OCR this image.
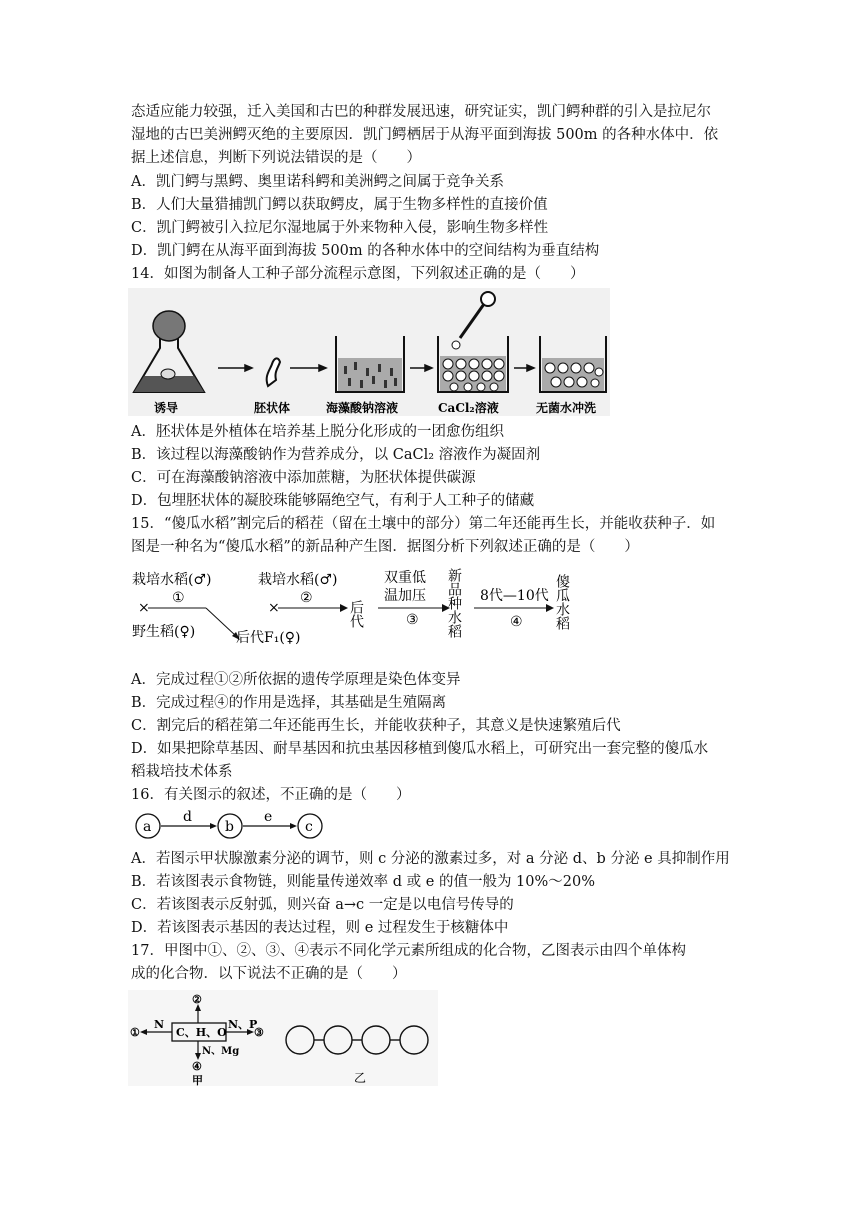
态适应能力较强，迁入美国和古巴的种群发展迅速，研究证实，凯门鳄种群的引入是拉尼尔
湿地的古巴美洲鳄灭绝的主要原因．凯门鳄栖居于从海平面到海拔 500m 的各种水体中．依
据上述信息，判断下列说法错误的是（　　）
A．凯门鳄与黑鳄、奥里诺科鳄和美洲鳄之间属于竞争关系
B．人们大量猎捕凯门鳄以获取鳄皮，属于生物多样性的直接价值
C．凯门鳄被引入拉尼尔湿地属于外来物种入侵，影响生物多样性
D．凯门鳄在从海平面到海拔 500m 的各种水体中的空间结构为垂直结构
14．如图为制备人工种子部分流程示意图，下列叙述正确的是（　　）
诱导	胚状体	海藻酸钠溶液	CaCl₂溶液	无菌水冲洗
A．胚状体是外植体在培养基上脱分化形成的一团愈伤组织
B．该过程以海藻酸钠作为营养成分，以 CaCl₂ 溶液作为凝固剂
C．可在海藻酸钠溶液中添加蔗糖，为胚状体提供碳源
D．包埋胚状体的凝胶珠能够隔绝空气，有利于人工种子的储藏
15．“傻瓜水稻”割完后的稻茬（留在土壤中的部分）第二年还能再生长，并能收获种子．如
图是一种名为“傻瓜水稻”的新品种产生图．据图分析下列叙述正确的是（　　）
栽培水稻(♂)
①
×
野生稻(♀)	后代F₁(♀)
栽培水稻(♂)
②
×	后代
双重低
温加压
③ 新品种水稻 8代—10代
④ 傻瓜水稻
A．完成过程①②所依据的遗传学原理是染色体变异
B．完成过程④的作用是选择，其基础是生殖隔离
C．割完后的稻茬第二年还能再生长，并能收获种子，其意义是快速繁殖后代
D．如果把除草基因、耐旱基因和抗虫基因移植到傻瓜水稻上，可研究出一套完整的傻瓜水
稻栽培技术体系
16．有关图示的叙述，不正确的是（　　）
a
d
b
e
c
A．若图示甲状腺激素分泌的调节，则 c 分泌的激素过多，对 a 分泌 d、b 分泌 e 具抑制作用
B．若该图表示食物链，则能量传递效率 d 或 e 的值一般为 10%～20%
C．若该图表示反射弧，则兴奋 a→c 一定是以电信号传导的
D．若该图表示基因的表达过程，则 e 过程发生于核糖体中
17．甲图中①、②、③、④表示不同化学元素所组成的化合物，乙图表示由四个单体构
成的化合物．以下说法不正确的是（　　）
C、H、O
①
N	N、P
③
②
N、Mg
④
甲	乙
